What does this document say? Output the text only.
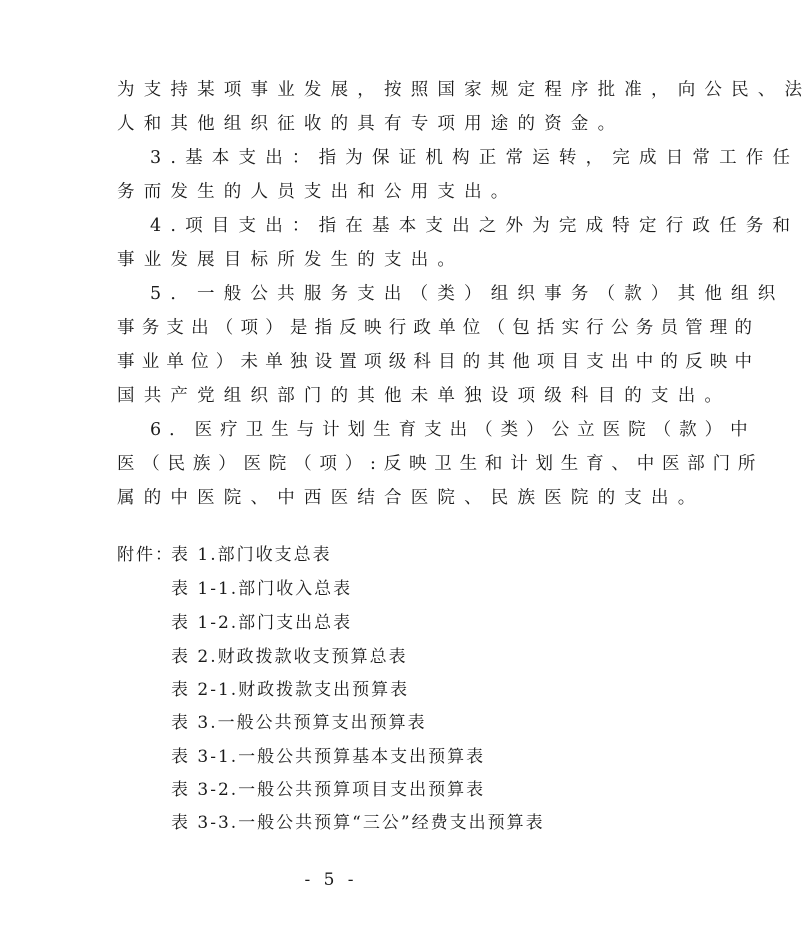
为支持某项事业发展，按照国家规定程序批准，向公民、法
人和其他组织征收的具有专项用途的资金。
3.基本支出：指为保证机构正常运转，完成日常工作任
务而发生的人员支出和公用支出。
4.项目支出：指在基本支出之外为完成特定行政任务和
事业发展目标所发生的支出。
5．一般公共服务支出（类）组织事务（款）其他组织
事务支出（项）是指反映行政单位（包括实行公务员管理的
事业单位）未单独设置项级科目的其他项目支出中的反映中
国共产党组织部门的其他未单独设项级科目的支出。
6．医疗卫生与计划生育支出（类）公立医院（款）中
医（民族）医院（项）:反映卫生和计划生育、中医部门所
属的中医院、中西医结合医院、民族医院的支出。
附件：
表 1.部门收支总表
表 1-1.部门收入总表
表 1-2.部门支出总表
表 2.财政拨款收支预算总表
表 2-1.财政拨款支出预算表
表 3.一般公共预算支出预算表
表 3-1.一般公共预算基本支出预算表
表 3-2.一般公共预算项目支出预算表
表 3-3.一般公共预算“三公”经费支出预算表
- 5 -
